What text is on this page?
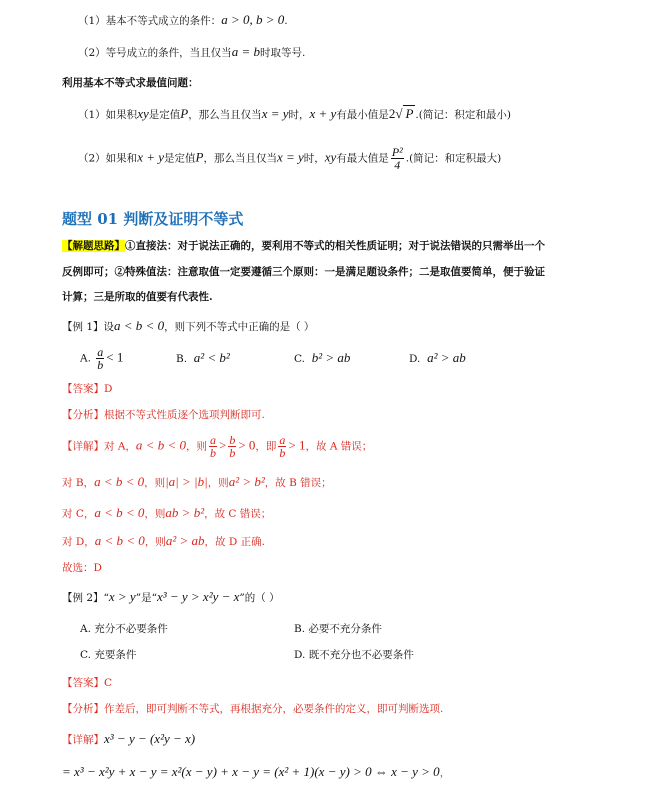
（1）基本不等式成立的条件：a > 0, b > 0.
（2）等号成立的条件，当且仅当a = b时取等号.
利用基本不等式求最值问题：
（1）如果积xy是定值P，那么当且仅当x = y时，x + y有最小值是2√ P .(简记：积定和最小)
（2）如果和x + y是定值P，那么当且仅当x = y时，xy有最大值是 $\frac{\text{P²}}{4}$ .(简记：和定积最大)
题型 01 判断及证明不等式
【解题思路】①直接法：对于说法正确的，要利用不等式的相关性质证明；对于说法错误的只需举出一个
反例即可；②特殊值法：注意取值一定要遵循三个原则：一是满足题设条件；二是取值要简单，便于验证
计算；三是所取的值要有代表性.
【例 1】设a < b < 0，则下列不等式中正确的是（ ）
A. $\frac{a}{b} < 1$	B. a² < b²	C. b² > ab	D. a² > ab
【答案】D
【分析】根据不等式性质逐个选项判断即可.
【详解】对 A，a < b < 0，则 $\frac{a}{b} > \frac{b}{b} > 0$，即 $\frac{a}{b} > 1$，故 A 错误；
对 B，a < b < 0，则|a| > |b|，则a² > b²，故 B 错误；
对 C，a < b < 0，则ab > b²，故 C 错误；
对 D，a < b < 0，则a² > ab，故 D 正确.
故选：D
【例 2】“x > y”是“x³ − y > x²y − x”的（ ）
A. 充分不必要条件	B. 必要不充分条件
C. 充要条件	D. 既不充分也不必要条件
【答案】C
【分析】作差后，即可判断不等式，再根据充分，必要条件的定义，即可判断选项.
【详解】x³ − y − (x²y − x)
= x³ − x²y + x − y = x²(x − y) + x − y = (x² + 1)(x − y) > 0 ⇔ x − y > 0，
